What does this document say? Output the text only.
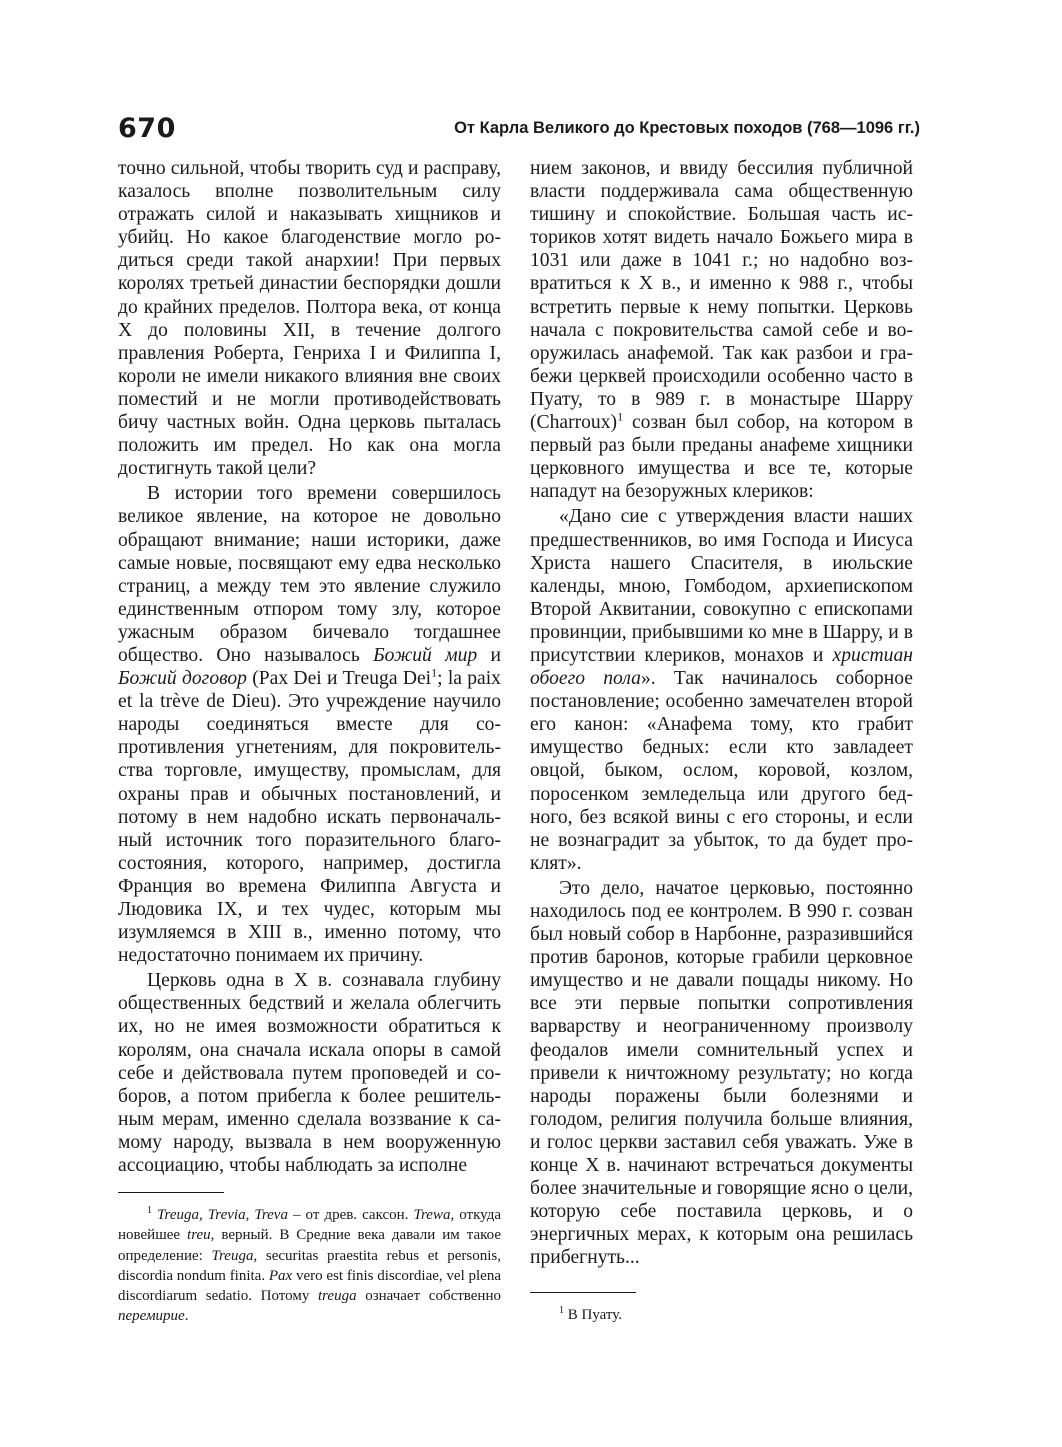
670	От Карла Великого до Крестовых походов (768—1096 гг.)

точно сильной, чтобы творить суд и расправу, казалось вполне позволительным силу отражать силой и наказывать хищников и убийц. Но какое благоденствие могло родиться среди такой анархии! При первых королях третьей династии беспорядки дошли до крайних пределов. Полтора века, от конца X до половины XII, в течение долгого правления Роберта, Генриха I и Филиппа I, короли не имели никакого влияния вне своих поместий и не могли противодействовать бичу частных войн. Одна церковь пыталась положить им предел. Но как она могла достигнуть такой цели?

В истории того времени совершилось великое явление, на которое не довольно обращают внимание; наши историки, даже самые новые, посвящают ему едва несколько страниц, а между тем это явление служило единственным отпором тому злу, которое ужасным образом бичевало тогдашнее общество. Оно называлось Божий мир и Божий договор (Pax Dei и Treuga Dei$^1$; la paix et la trève de Dieu). Это учреждение научило народы соединяться вместе для сопротивления угнетениям, для покровительства торговле, имуществу, промыслам, для охраны прав и обычных постановлений, и потому в нем надобно искать первоначальный источник того поразительного благосостояния, которого, например, достигла Франция во времена Филиппа Августа и Людовика IX, и тех чудес, которым мы изумляемся в XIII в., именно потому, что недостаточно понимаем их причину.

Церковь одна в X в. сознавала глубину общественных бедствий и желала облегчить их, но не имея возможности обратиться к королям, она сначала искала опоры в самой себе и действовала путем проповедей и соборов, а потом прибегла к более решительным мерам, именно сделала воззвание к самому народу, вызвала в нем вооруженную ассоциацию, чтобы наблюдать за исполне

нием законов, и ввиду бессилия публичной власти поддерживала сама общественную тишину и спокойствие. Большая часть историков хотят видеть начало Божьего мира в 1031 или даже в 1041 г.; но надобно возвратиться к X в., и именно к 988 г., чтобы встретить первые к нему попытки. Церковь начала с покровительства самой себе и вооружилась анафемой. Так как разбои и грабежи церквей происходили особенно часто в Пуату, то в 989 г. в монастыре Шарру (Charroux)$^1$ созван был собор, на котором в первый раз были преданы анафеме хищники церковного имущества и все те, которые нападут на безоружных клериков:

«Дано сие с утверждения власти наших предшественников, во имя Господа и Иисуса Христа нашего Спасителя, в июльские календы, мною, Гомбодом, архиепископом Второй Аквитании, совокупно с епископами провинции, прибывшими ко мне в Шарру, и в присутствии клериков, монахов и христиан обоего пола». Так начиналось соборное постановление; особенно замечателен второй его канон: «Анафема тому, кто грабит имущество бедных: если кто завладеет овцой, быком, ослом, коровой, козлом, поросенком земледельца или другого бедного, без всякой вины с его стороны, и если не вознаградит за убыток, то да будет проклят».

Это дело, начатое церковью, постоянно находилось под ее контролем. В 990 г. созван был новый собор в Нарбонне, разразившийся против баронов, которые грабили церковное имущество и не давали пощады никому. Но все эти первые попытки сопротивления варварству и неограниченному произволу феодалов имели сомнительный успех и привели к ничтожному результату; но когда народы поражены были болезнями и голодом, религия получила больше влияния, и голос церкви заставил себя уважать. Уже в конце X в. начинают встречаться документы более значительные и говорящие ясно о цели, которую себе поставила церковь, и о энергичных мерах, к которым она решилась прибегнуть...

$^1$ Treuga, Trevia, Treva – от древ. саксон. Trewa, откуда новейшее treu, верный. В Средние века давали им такое определение: Treuga, securitas praestita rebus et personis, discordia nondum finita. Pax vero est finis discordiae, vel plena discordiarum sedatio. Потому treuga означает собственно перемирие.	$^1$ В Пуату.
